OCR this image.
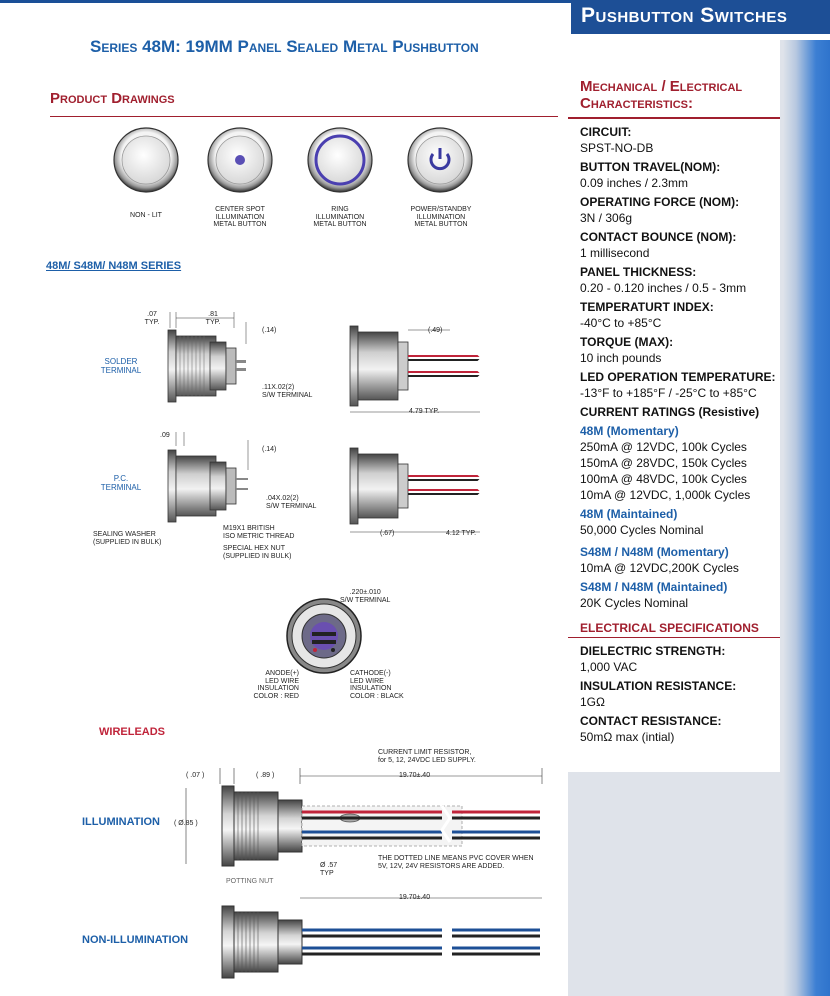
Pushbutton Switches
Mechanical / Electrical
Characteristics:
CIRCUIT:
SPST-NO-DB
BUTTON TRAVEL(NOM):
0.09 inches / 2.3mm
OPERATING FORCE (NOM):
3N / 306g
CONTACT BOUNCE (NOM):
1 millisecond
PANEL THICKNESS:
0.20 - 0.120 inches / 0.5 - 3mm
TEMPERATURT INDEX:
-40°C to +85°C
TORQUE (MAX):
10 inch pounds
LED OPERATION TEMPERATURE:
-13°F to +185°F / -25°C to +85°C
CURRENT RATINGS (Resistive)
48M (Momentary)
250mA @ 12VDC, 100k Cycles
150mA @ 28VDC, 150k Cycles
100mA @ 48VDC, 100k Cycles
10mA @ 12VDC, 1,000k Cycles
48M (Maintained)
50,000 Cycles Nominal
S48M / N48M (Momentary)
10mA @ 12VDC,200K Cycles
S48M / N48M (Maintained)
20K Cycles Nominal
ELECTRICAL SPECIFICATIONS
DIELECTRIC STRENGTH:
1,000 VAC
INSULATION RESISTANCE:
1GΩ
CONTACT RESISTANCE:
50mΩ max (intial)
Series 48M: 19MM Panel Sealed Metal Pushbutton
Product Drawings
NON - LIT
CENTER SPOT
ILLUMINATION
METAL BUTTON
RING
ILLUMINATION
METAL BUTTON
POWER/STANDBY
ILLUMINATION
METAL BUTTON
48M/ S48M/ N48M SERIES
.07
TYP.
.81
TYP.
(.14)
.11X.02(2)
S/W TERMINAL
(.49)
4.79 TYP.
.09
(.14)
.04X.02(2)
S/W TERMINAL
(.67)	4.12 TYP.
SOLDER
TERMINAL
P.C.
TERMINAL
SEALING WASHER
(SUPPLIED IN BULK)
M19X1 BRITISH
ISO METRIC THREAD
SPECIAL HEX NUT
(SUPPLIED IN BULK)
.220±.010
S/W TERMINAL
ANODE(+)
LED WIRE
INSULATION
COLOR : RED
CATHODE(-)
LED WIRE
INSULATION
COLOR : BLACK
WIRELEADS
ILLUMINATION
NON-ILLUMINATION
CURRENT LIMIT RESISTOR,
for 5, 12, 24VDC LED SUPPLY.
THE DOTTED LINE MEANS PVC COVER WHEN
5V, 12V, 24V RESISTORS ARE ADDED.
( .07 )	( .89 )	19.70±.40
19.70±.40
( Ø.85 )
Ø .57
TYP
POTTING NUT
